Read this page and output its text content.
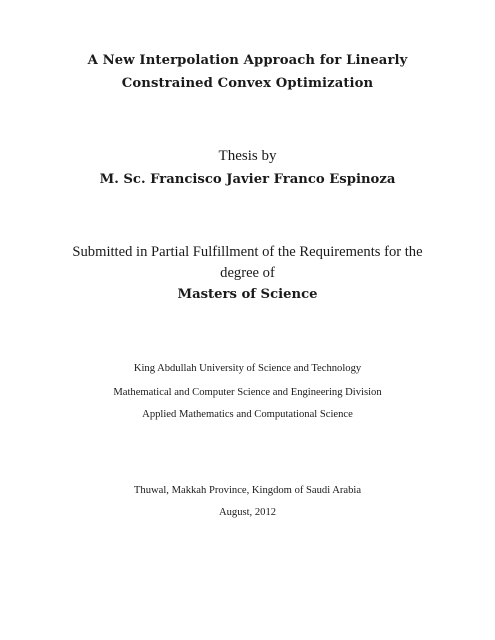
A New Interpolation Approach for Linearly
Constrained Convex Optimization
Thesis by
M. Sc. Francisco Javier Franco Espinoza
Submitted in Partial Fulfillment of the Requirements for the
degree of
Masters of Science
King Abdullah University of Science and Technology
Mathematical and Computer Science and Engineering Division
Applied Mathematics and Computational Science
Thuwal, Makkah Province, Kingdom of Saudi Arabia
August, 2012
